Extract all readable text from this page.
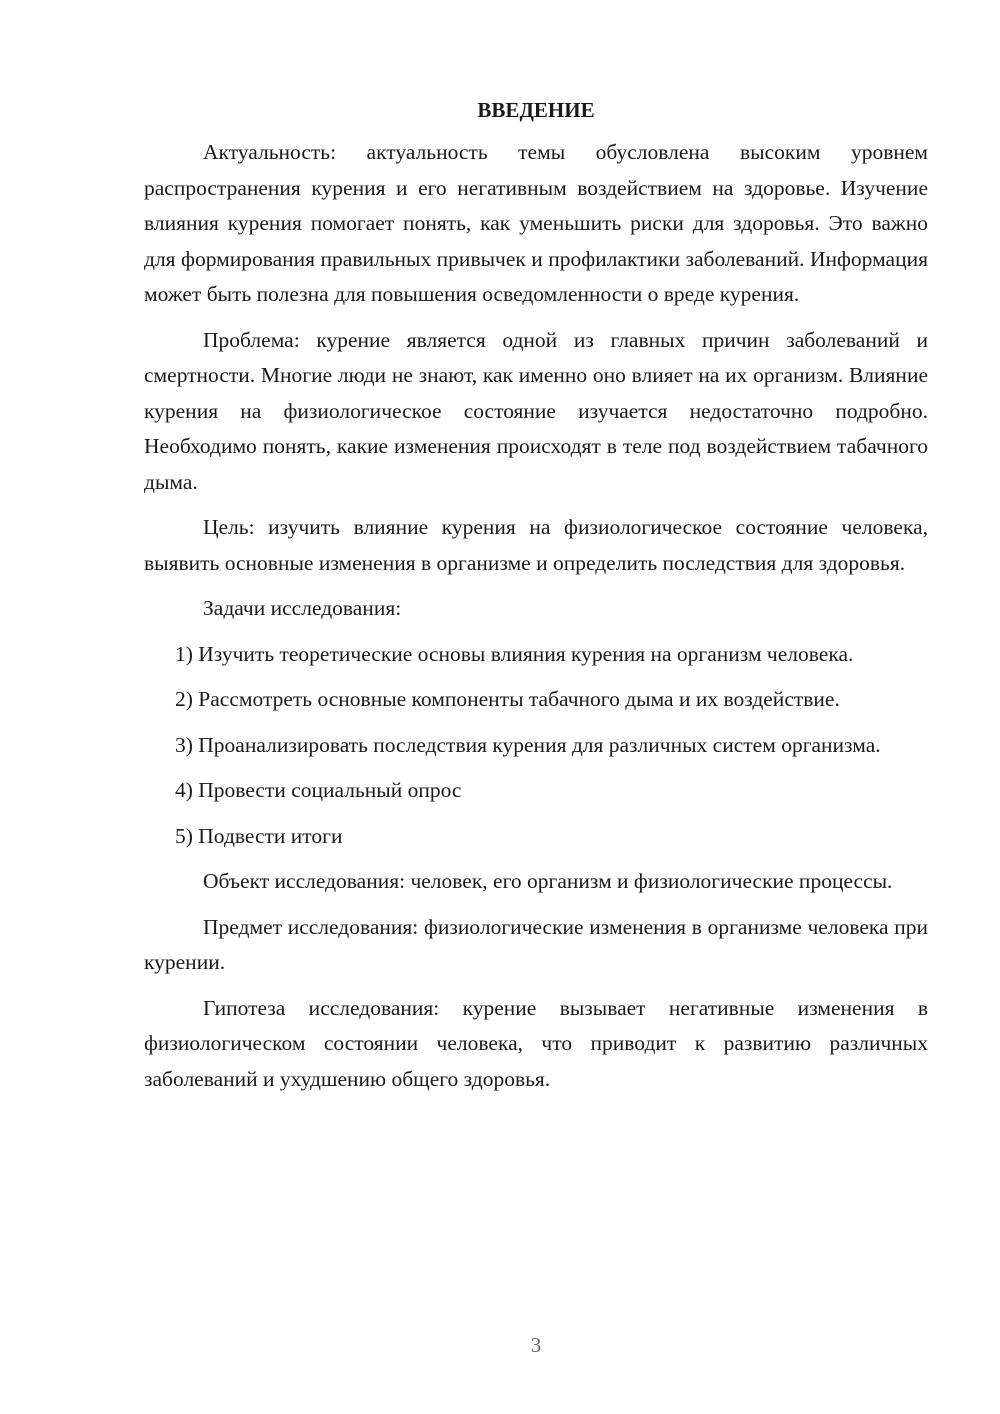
ВВЕДЕНИЕ

Актуальность: актуальность темы обусловлена высоким уровнем распространения курения и его негативным воздействием на здоровье. Изучение влияния курения помогает понять, как уменьшить риски для здоровья. Это важно для формирования правильных привычек и профилактики заболеваний. Информация может быть полезна для повышения осведомленности о вреде курения.

Проблема: курение является одной из главных причин заболеваний и смертности. Многие люди не знают, как именно оно влияет на их организм. Влияние курения на физиологическое состояние изучается недостаточно подробно. Необходимо понять, какие изменения происходят в теле под воздействием табачного дыма.

Цель: изучить влияние курения на физиологическое состояние человека, выявить основные изменения в организме и определить последствия для здоровья.

Задачи исследования:

1) Изучить теоретические основы влияния курения на организм человека.

2) Рассмотреть основные компоненты табачного дыма и их воздействие.

3) Проанализировать последствия курения для различных систем организма.

4) Провести социальный опрос

5) Подвести итоги

Объект исследования: человек, его организм и физиологические процессы.

Предмет исследования: физиологические изменения в организме человека при курении.

Гипотеза исследования: курение вызывает негативные изменения в физиологическом состоянии человека, что приводит к развитию различных заболеваний и ухудшению общего здоровья.

3
